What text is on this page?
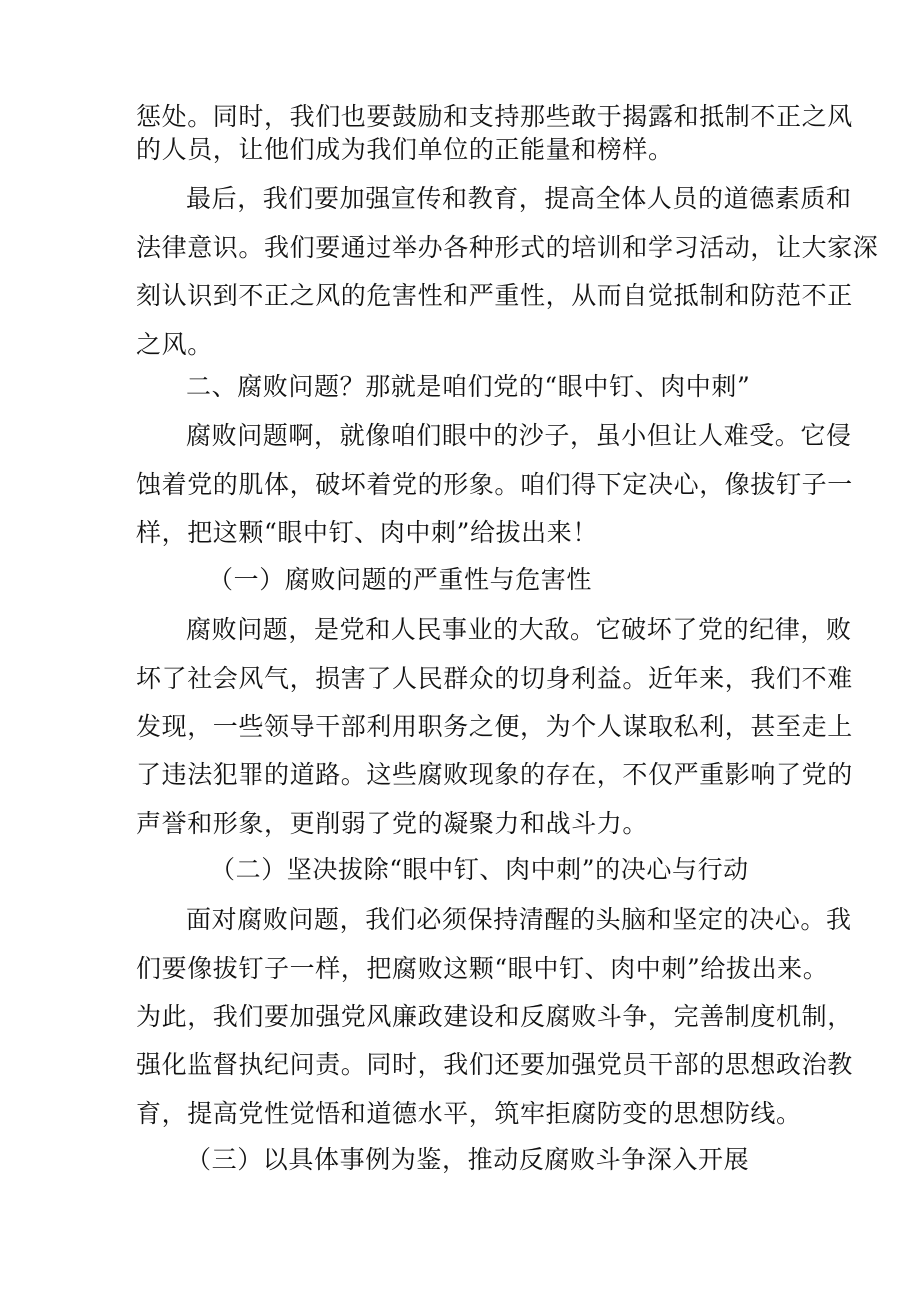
惩处。同时，我们也要鼓励和支持那些敢于揭露和抵制不正之风
的人员，让他们成为我们单位的正能量和榜样。
最后，我们要加强宣传和教育，提高全体人员的道德素质和
法律意识。我们要通过举办各种形式的培训和学习活动，让大家深
刻认识到不正之风的危害性和严重性，从而自觉抵制和防范不正
之风。
二、腐败问题？那就是咱们党的“眼中钉、肉中刺”
腐败问题啊，就像咱们眼中的沙子，虽小但让人难受。它侵
蚀着党的肌体，破坏着党的形象。咱们得下定决心，像拔钉子一
样，把这颗“眼中钉、肉中刺”给拔出来！
（一）腐败问题的严重性与危害性
腐败问题，是党和人民事业的大敌。它破坏了党的纪律，败
坏了社会风气，损害了人民群众的切身利益。近年来，我们不难
发现，一些领导干部利用职务之便，为个人谋取私利，甚至走上
了违法犯罪的道路。这些腐败现象的存在，不仅严重影响了党的
声誉和形象，更削弱了党的凝聚力和战斗力。
（二）坚决拔除“眼中钉、肉中刺”的决心与行动
面对腐败问题，我们必须保持清醒的头脑和坚定的决心。我
们要像拔钉子一样，把腐败这颗“眼中钉、肉中刺”给拔出来。
为此，我们要加强党风廉政建设和反腐败斗争，完善制度机制，
强化监督执纪问责。同时，我们还要加强党员干部的思想政治教
育，提高党性觉悟和道德水平，筑牢拒腐防变的思想防线。
（三）以具体事例为鉴，推动反腐败斗争深入开展
